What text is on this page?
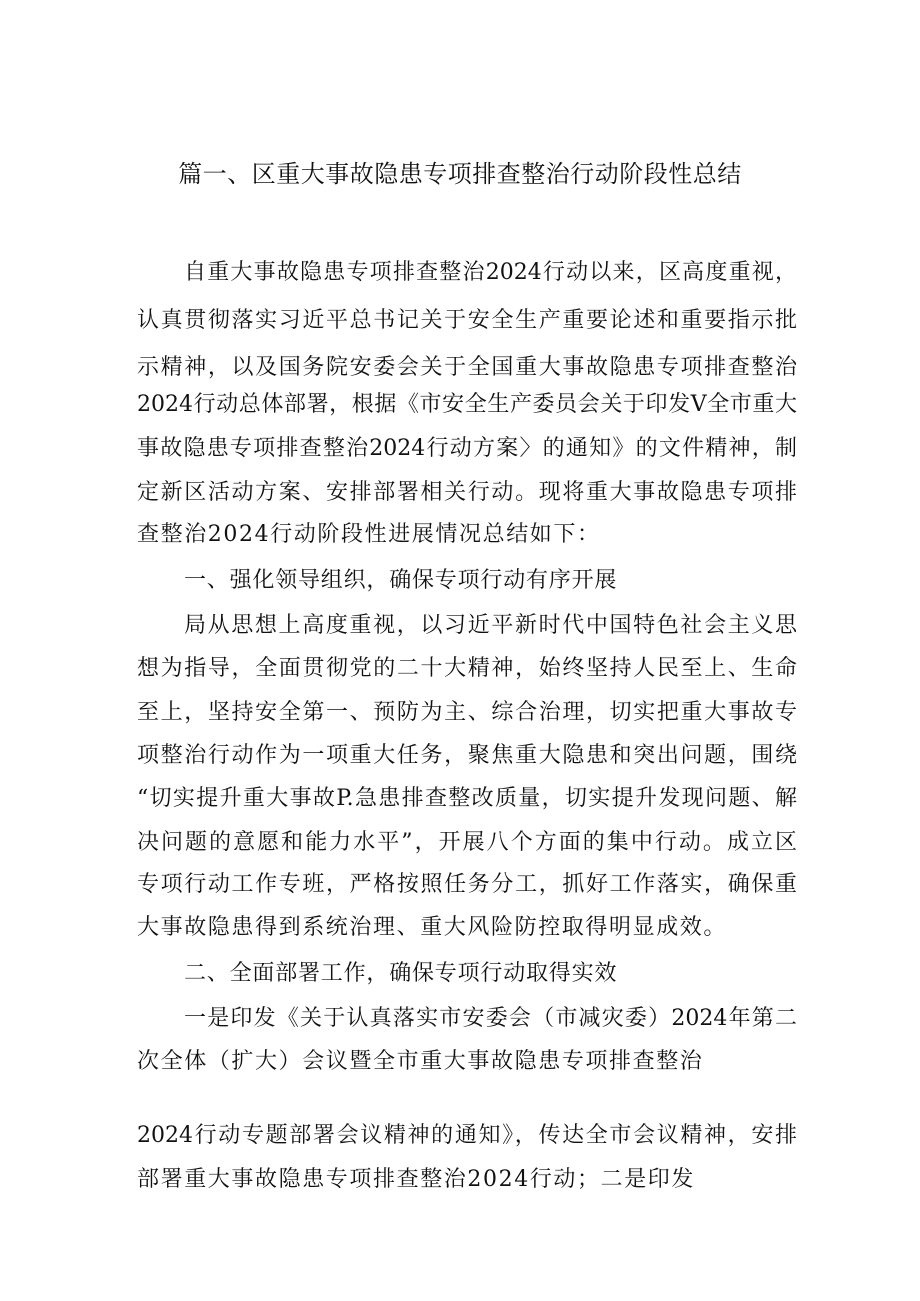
篇一、区重大事故隐患专项排查整治行动阶段性总结
自重大事故隐患专项排查整治2024行动以来，区高度重视，
认真贯彻落实习近平总书记关于安全生产重要论述和重要指示批
示精神，以及国务院安委会关于全国重大事故隐患专项排查整治
2024行动总体部署，根据《市安全生产委员会关于印发V全市重大
事故隐患专项排查整治2024行动方案〉的通知》的文件精神，制
定新区活动方案、安排部署相关行动。现将重大事故隐患专项排
查整治2024行动阶段性进展情况总结如下：
一、强化领导组织，确保专项行动有序开展
局从思想上高度重视，以习近平新时代中国特色社会主义思
想为指导，全面贯彻党的二十大精神，始终坚持人民至上、生命
至上，坚持安全第一、预防为主、综合治理，切实把重大事故专
项整治行动作为一项重大任务，聚焦重大隐患和突出问题，围绕
“切实提升重大事故P.急患排查整改质量，切实提升发现问题、解
决问题的意愿和能力水平”，开展八个方面的集中行动。成立区
专项行动工作专班，严格按照任务分工，抓好工作落实，确保重
大事故隐患得到系统治理、重大风险防控取得明显成效。
二、全面部署工作，确保专项行动取得实效
一是印发《关于认真落实市安委会（市减灾委）2024年第二
次全体（扩大）会议暨全市重大事故隐患专项排查整治
2024行动专题部署会议精神的通知》，传达全市会议精神，安排
部署重大事故隐患专项排查整治2024行动；二是印发
